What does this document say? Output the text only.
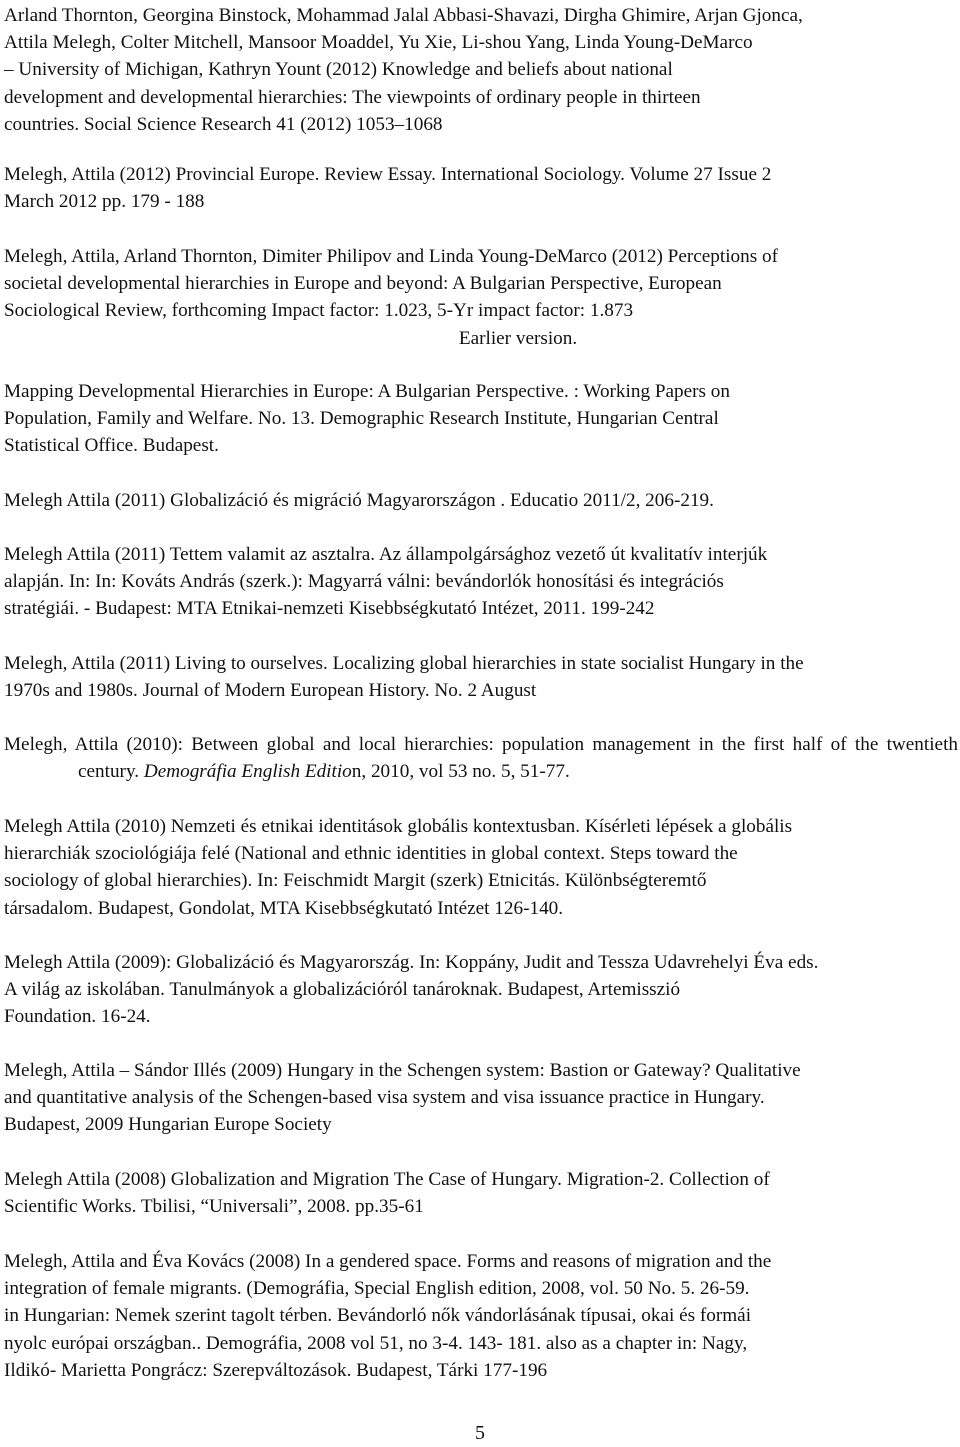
Arland Thornton, Georgina Binstock, Mohammad Jalal Abbasi-Shavazi, Dirgha Ghimire, Arjan Gjonca,
Attila Melegh, Colter Mitchell, Mansoor Moaddel, Yu Xie, Li-shou Yang, Linda Young-DeMarco
– University of Michigan, Kathryn Yount (2012) Knowledge and beliefs about national
development and developmental hierarchies: The viewpoints of ordinary people in thirteen
countries. Social Science Research 41 (2012) 1053–1068
Melegh, Attila (2012) Provincial Europe. Review Essay. International Sociology. Volume 27 Issue 2
March 2012 pp. 179 - 188
Melegh, Attila, Arland Thornton, Dimiter Philipov and Linda Young-DeMarco (2012) Perceptions of
societal developmental hierarchies in Europe and beyond: A Bulgarian Perspective, European
Sociological Review, forthcoming Impact factor: 1.023, 5-Yr impact factor: 1.873
Earlier version.
Mapping Developmental Hierarchies in Europe: A Bulgarian Perspective. : Working Papers on
Population, Family and Welfare. No. 13. Demographic Research Institute, Hungarian Central
Statistical Office. Budapest.
Melegh Attila (2011) Globalizáció és migráció Magyarországon . Educatio 2011/2, 206-219.
Melegh Attila (2011) Tettem valamit az asztalra. Az állampolgársághoz vezető út kvalitatív interjúk
alapján. In: In: Kováts András (szerk.): Magyarrá válni: bevándorlók honosítási és integrációs
stratégiái. - Budapest: MTA Etnikai-nemzeti Kisebbségkutató Intézet, 2011. 199-242
Melegh, Attila (2011) Living to ourselves. Localizing global hierarchies in state socialist Hungary in the
1970s and 1980s. Journal of Modern European History. No. 2 August
Melegh, Attila (2010): Between global and local hierarchies: population management in the first half of the twentieth century. Demográfia English Edition, 2010, vol 53 no. 5, 51-77.
Melegh Attila (2010) Nemzeti és etnikai identitások globális kontextusban. Kísérleti lépések a globális
hierarchiák szociológiája felé (National and ethnic identities in global context. Steps toward the
sociology of global hierarchies). In: Feischmidt Margit (szerk) Etnicitás. Különbségteremtő
társadalom. Budapest, Gondolat, MTA Kisebbségkutató Intézet 126-140.
Melegh Attila (2009): Globalizáció és Magyarország. In: Koppány, Judit and Tessza Udavrehelyi Éva eds.
A világ az iskolában. Tanulmányok a globalizációról tanároknak. Budapest, Artemisszió
Foundation. 16-24.
Melegh, Attila – Sándor Illés (2009) Hungary in the Schengen system: Bastion or Gateway? Qualitative
and quantitative analysis of the Schengen-based visa system and visa issuance practice in Hungary.
Budapest, 2009 Hungarian Europe Society
Melegh Attila (2008) Globalization and Migration The Case of Hungary. Migration-2. Collection of
Scientific Works. Tbilisi, “Universali”, 2008. pp.35-61
Melegh, Attila and Éva Kovács (2008) In a gendered space. Forms and reasons of migration and the
integration of female migrants. (Demográfia, Special English edition, 2008, vol. 50 No. 5. 26-59.
in Hungarian: Nemek szerint tagolt térben. Bevándorló nők vándorlásának típusai, okai és formái
nyolc európai országban.. Demográfia, 2008 vol 51, no 3-4. 143- 181. also as a chapter in: Nagy,
Ildikó- Marietta Pongrácz: Szerepváltozások. Budapest, Tárki 177-196
5
